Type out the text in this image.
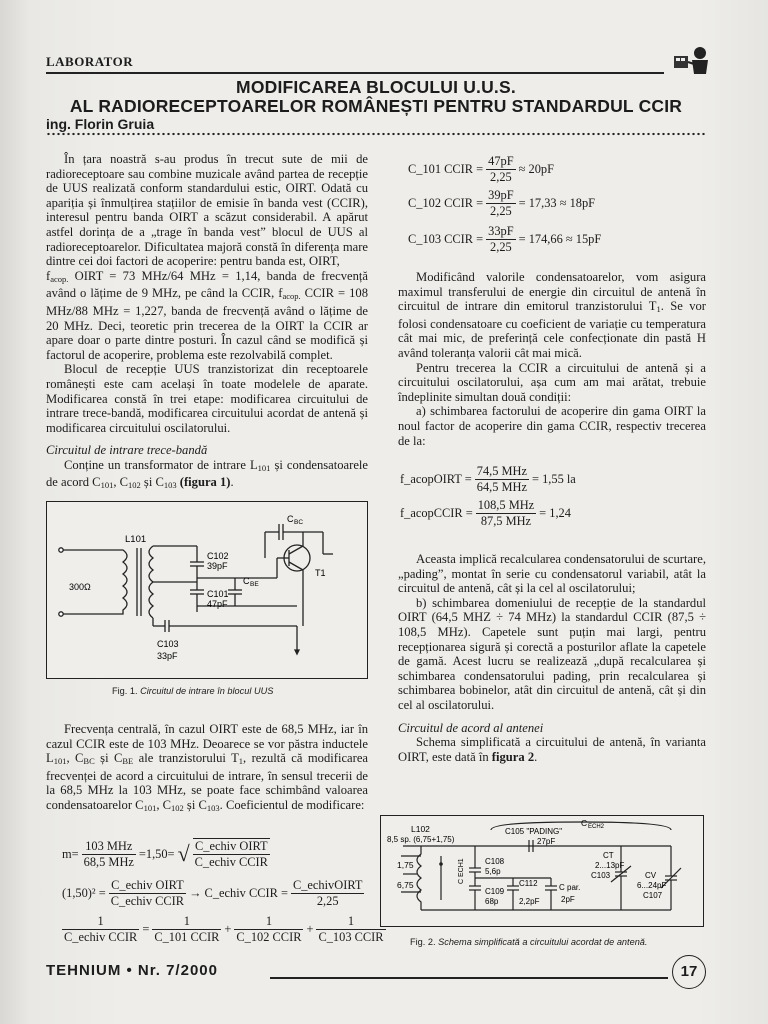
LABORATOR
MODIFICAREA BLOCULUI U.U.S.
AL RADIORECEPTOARELOR ROMÂNEȘTI PENTRU STANDARDUL CCIR
ing. Florin Gruia

În țara noastră s-au produs în trecut sute de mii de radioreceptoare sau combine muzicale având partea de recepție de UUS realizată conform standardului estic, OIRT. Odată cu apariția și înmulțirea stațiilor de emisie în banda vest (CCIR), interesul pentru banda OIRT a scăzut considerabil. A apărut astfel dorința de a „trage în banda vest” blocul de UUS al radioreceptoarelor. Dificultatea majoră constă în diferența mare dintre cei doi factori de acoperire: pentru banda est, OIRT,

$f_{acop.}$ OIRT = 73 MHz/64 MHz = 1,14, banda de frecvență având o lățime de 9 MHz, pe când la CCIR, $f_{acop.}$ CCIR = 108 MHz/88 MHz = 1,227, banda de frecvență având o lățime de 20 MHz. Deci, teoretic prin trecerea de la OIRT la CCIR ar apare doar o parte dintre posturi. În cazul când se modifică și factorul de acoperire, problema este rezolvabilă complet.

Blocul de recepție UUS tranzistorizat din receptoarele românești este cam același în toate modelele de aparate. Modificarea constă în trei etape: modificarea circuitului de intrare trece-bandă, modificarea circuitului acordat de antenă și modificarea circuitului oscilatorului.

Circuitul de intrare trece-bandă

Conține un transformator de intrare $L_{101}$ și condensatoarele de acord $C_{101}$, $C_{102}$ și $C_{103}$ (figura 1).

L101
C102
39pF
300Ω
C101
47pF
C103
33pF
C BC
C BE
T1
Fig. 1. Circuitul de intrare în blocul UUS

Frecvența centrală, în cazul OIRT este de 68,5 MHz, iar în cazul CCIR este de 103 MHz. Deoarece se vor păstra inductele $L_{101}$, $C_{BC}$ și $C_{BE}$ ale tranzistorului $T_1$, rezultă că modificarea frecvenței de acord a circuitului de intrare, în sensul trecerii de la 68,5 MHz la 103 MHz, se poate face schimbând valoarea condensatoarelor $C_{101}$, $C_{102}$ și $C_{103}$. Coeficientul de modificare:

$m= \frac{\text{103 MHz}}{\text{68,5 MHz}} =1,50=$ √ $\frac{\text{C\_echiv OIRT}}{\text{C\_echiv CCIR}}$
$(1,50)^2 = \frac{\text{C\_echiv OIRT}}{\text{C\_echiv CCIR}}$ → C_echiv CCIR = $\frac{\text{C\_echivOIRT}}{2,25}$
$\frac{1}{\text{C\_echiv CCIR}} = \frac{1}{\text{C\_101 CCIR}} + \frac{1}{\text{C\_102 CCIR}} + \frac{1}{\text{C\_103 CCIR}}$
C_101 CCIR = $\frac{47pF}{2,25} \approx 20pF$
C_102 CCIR = $\frac{39pF}{2,25} = 17,33 \approx 18pF$
C_103 CCIR = $\frac{33pF}{2,25} = 174,66 \approx 15pF$

Modificând valorile condensatoarelor, vom asigura maximul transferului de energie din circuitul de antenă în circuitul de intrare din emitorul tranzistorului $T_1$. Se vor folosi condensatoare cu coeficient de variație cu temperatura cât mai mic, de preferință cele confecționate din pastă H având toleranța valorii cât mai mică.

Pentru trecerea la CCIR a circuitului de antenă și a circuitului oscilatorului, așa cum am mai arătat, trebuie îndeplinite simultan două condiții:

a) schimbarea factorului de acoperire din gama OIRT la noul factor de acoperire din gama CCIR, respectiv trecerea de la:

f_acopOIRT = $\frac{\text{74,5 MHz}}{\text{64,5 MHz}} = 1,55$ la
f_acopCCIR = $\frac{\text{108,5 MHz}}{\text{87,5 MHz}} = 1,24$

Aceasta implică recalcularea condensatorului de scurtare, „pading”, montat în serie cu condensatorul variabil, atât la circuitul de antenă, cât și la cel al oscilatorului;

b) schimbarea domeniului de recepție de la standardul OIRT (64,5 MHZ ÷ 74 MHz) la standardul CCIR (87,5 ÷ 108,5 MHz). Capetele sunt puțin mai largi, pentru recepționarea sigură și corectă a posturilor aflate la capetele de gamă. Acest lucru se realizează „după recalcularea și schimbarea condensatorului pading, prin recalcularea și schimbarea bobinelor, atât din circuitul de antenă, cât și din cel al oscilatorului.

Circuitul de acord al antenei

Schema simplificată a circuitului de antenă, în varianta OIRT, este dată în figura 2.

C ECH2
L102
8,5 sp. (6,75+1,75)
C105 "PADING"
27pF
1,75
6,75
C ECH1	C108
5,6p
C109
68p
C112
2,2pF
C par.
2pF
CT
2...13pF
C103	CV
6...24pF
C107
Fig. 2. Schema simplificată a circuitului acordat de antenă.
TEHNIUM • Nr. 7/2000	17
